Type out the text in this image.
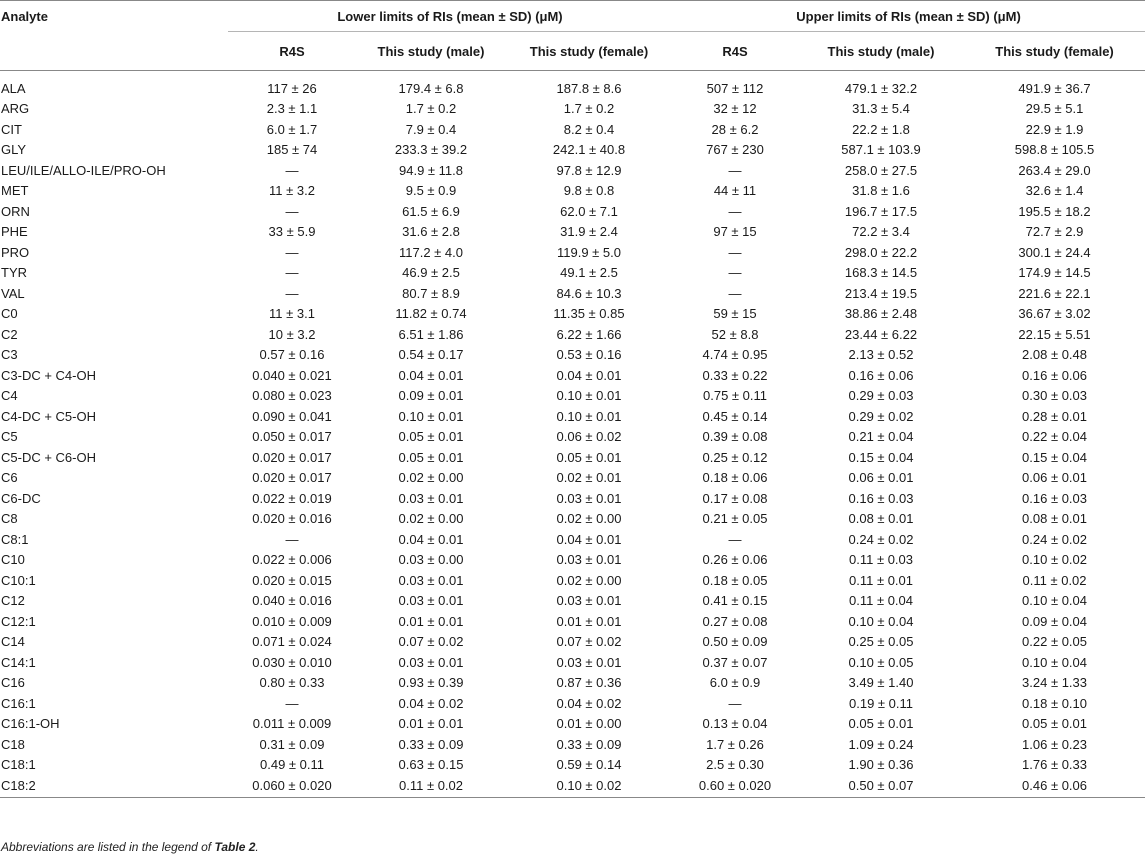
Analyte	Lower limits of RIs (mean ± SD) (μM)			Upper limits of RIs (mean ± SD) (μM)		
	R4S	This study (male)	This study (female)	R4S	This study (male)	This study (female)

ALA	117 ± 26	179.4 ± 6.8	187.8 ± 8.6	507 ± 112	479.1 ± 32.2	491.9 ± 36.7
ARG	2.3 ± 1.1	1.7 ± 0.2	1.7 ± 0.2	32 ± 12	31.3 ± 5.4	29.5 ± 5.1
CIT	6.0 ± 1.7	7.9 ± 0.4	8.2 ± 0.4	28 ± 6.2	22.2 ± 1.8	22.9 ± 1.9
GLY	185 ± 74	233.3 ± 39.2	242.1 ± 40.8	767 ± 230	587.1 ± 103.9	598.8 ± 105.5
LEU/ILE/ALLO-ILE/PRO-OH	—	94.9 ± 11.8	97.8 ± 12.9	—	258.0 ± 27.5	263.4 ± 29.0
MET	11 ± 3.2	9.5 ± 0.9	9.8 ± 0.8	44 ± 11	31.8 ± 1.6	32.6 ± 1.4
ORN	—	61.5 ± 6.9	62.0 ± 7.1	—	196.7 ± 17.5	195.5 ± 18.2
PHE	33 ± 5.9	31.6 ± 2.8	31.9 ± 2.4	97 ± 15	72.2 ± 3.4	72.7 ± 2.9
PRO	—	117.2 ± 4.0	119.9 ± 5.0	—	298.0 ± 22.2	300.1 ± 24.4
TYR	—	46.9 ± 2.5	49.1 ± 2.5	—	168.3 ± 14.5	174.9 ± 14.5
VAL	—	80.7 ± 8.9	84.6 ± 10.3	—	213.4 ± 19.5	221.6 ± 22.1
C0	11 ± 3.1	11.82 ± 0.74	11.35 ± 0.85	59 ± 15	38.86 ± 2.48	36.67 ± 3.02
C2	10 ± 3.2	6.51 ± 1.86	6.22 ± 1.66	52 ± 8.8	23.44 ± 6.22	22.15 ± 5.51
C3	0.57 ± 0.16	0.54 ± 0.17	0.53 ± 0.16	4.74 ± 0.95	2.13 ± 0.52	2.08 ± 0.48
C3-DC + C4-OH	0.040 ± 0.021	0.04 ± 0.01	0.04 ± 0.01	0.33 ± 0.22	0.16 ± 0.06	0.16 ± 0.06
C4	0.080 ± 0.023	0.09 ± 0.01	0.10 ± 0.01	0.75 ± 0.11	0.29 ± 0.03	0.30 ± 0.03
C4-DC + C5-OH	0.090 ± 0.041	0.10 ± 0.01	0.10 ± 0.01	0.45 ± 0.14	0.29 ± 0.02	0.28 ± 0.01
C5	0.050 ± 0.017	0.05 ± 0.01	0.06 ± 0.02	0.39 ± 0.08	0.21 ± 0.04	0.22 ± 0.04
C5-DC + C6-OH	0.020 ± 0.017	0.05 ± 0.01	0.05 ± 0.01	0.25 ± 0.12	0.15 ± 0.04	0.15 ± 0.04
C6	0.020 ± 0.017	0.02 ± 0.00	0.02 ± 0.01	0.18 ± 0.06	0.06 ± 0.01	0.06 ± 0.01
C6-DC	0.022 ± 0.019	0.03 ± 0.01	0.03 ± 0.01	0.17 ± 0.08	0.16 ± 0.03	0.16 ± 0.03
C8	0.020 ± 0.016	0.02 ± 0.00	0.02 ± 0.00	0.21 ± 0.05	0.08 ± 0.01	0.08 ± 0.01
C8:1	—	0.04 ± 0.01	0.04 ± 0.01	—	0.24 ± 0.02	0.24 ± 0.02
C10	0.022 ± 0.006	0.03 ± 0.00	0.03 ± 0.01	0.26 ± 0.06	0.11 ± 0.03	0.10 ± 0.02
C10:1	0.020 ± 0.015	0.03 ± 0.01	0.02 ± 0.00	0.18 ± 0.05	0.11 ± 0.01	0.11 ± 0.02
C12	0.040 ± 0.016	0.03 ± 0.01	0.03 ± 0.01	0.41 ± 0.15	0.11 ± 0.04	0.10 ± 0.04
C12:1	0.010 ± 0.009	0.01 ± 0.01	0.01 ± 0.01	0.27 ± 0.08	0.10 ± 0.04	0.09 ± 0.04
C14	0.071 ± 0.024	0.07 ± 0.02	0.07 ± 0.02	0.50 ± 0.09	0.25 ± 0.05	0.22 ± 0.05
C14:1	0.030 ± 0.010	0.03 ± 0.01	0.03 ± 0.01	0.37 ± 0.07	0.10 ± 0.05	0.10 ± 0.04
C16	0.80 ± 0.33	0.93 ± 0.39	0.87 ± 0.36	6.0 ± 0.9	3.49 ± 1.40	3.24 ± 1.33
C16:1	—	0.04 ± 0.02	0.04 ± 0.02	—	0.19 ± 0.11	0.18 ± 0.10
C16:1-OH	0.011 ± 0.009	0.01 ± 0.01	0.01 ± 0.00	0.13 ± 0.04	0.05 ± 0.01	0.05 ± 0.01
C18	0.31 ± 0.09	0.33 ± 0.09	0.33 ± 0.09	1.7 ± 0.26	1.09 ± 0.24	1.06 ± 0.23
C18:1	0.49 ± 0.11	0.63 ± 0.15	0.59 ± 0.14	2.5 ± 0.30	1.90 ± 0.36	1.76 ± 0.33
C18:2	0.060 ± 0.020	0.11 ± 0.02	0.10 ± 0.02	0.60 ± 0.020	0.50 ± 0.07	0.46 ± 0.06
Abbreviations are listed in the legend of Table 2.
